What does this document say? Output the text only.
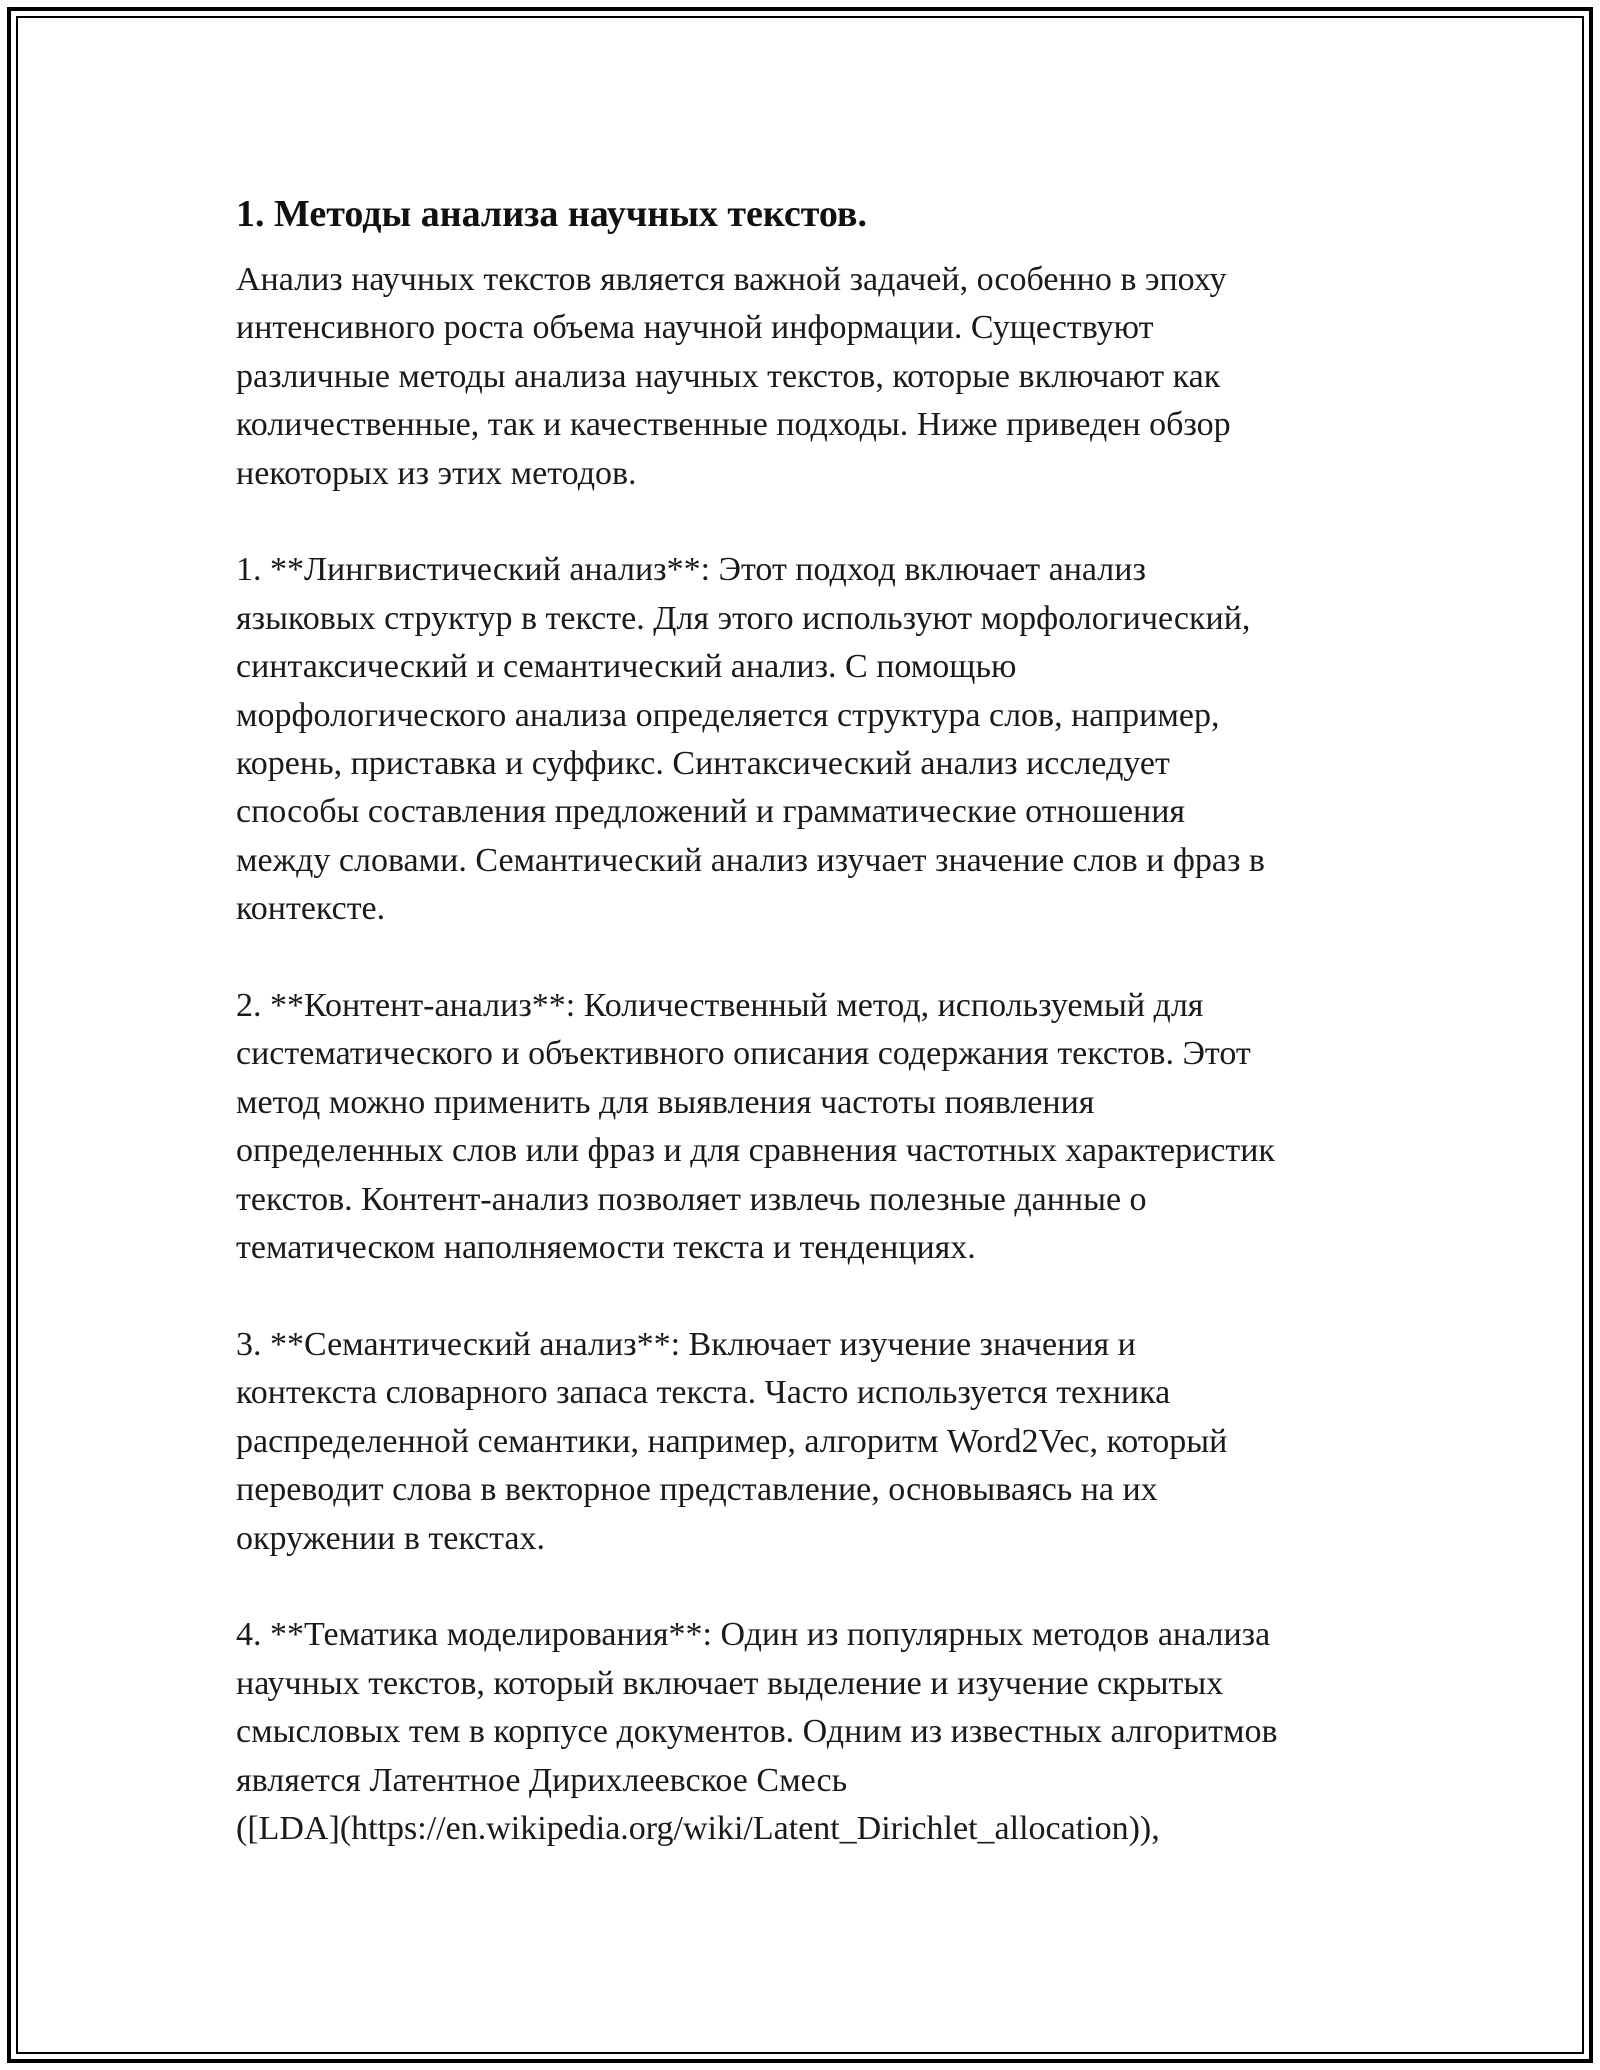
1. Методы анализа научных текстов.

Анализ научных текстов является важной задачей, особенно в эпоху
интенсивного роста объема научной информации. Существуют
различные методы анализа научных текстов, которые включают как
количественные, так и качественные подходы. Ниже приведен обзор
некоторых из этих методов.

1. **Лингвистический анализ**: Этот подход включает анализ
языковых структур в тексте. Для этого используют морфологический,
синтаксический и семантический анализ. С помощью
морфологического анализа определяется структура слов, например,
корень, приставка и суффикс. Синтаксический анализ исследует
способы составления предложений и грамматические отношения
между словами. Семантический анализ изучает значение слов и фраз в
контексте.

2. **Контент-анализ**: Количественный метод, используемый для
систематического и объективного описания содержания текстов. Этот
метод можно применить для выявления частоты появления
определенных слов или фраз и для сравнения частотных характеристик
текстов. Контент-анализ позволяет извлечь полезные данные о
тематическом наполняемости текста и тенденциях.

3. **Семантический анализ**: Включает изучение значения и
контекста словарного запаса текста. Часто используется техника
распределенной семантики, например, алгоритм Word2Vec, который
переводит слова в векторное представление, основываясь на их
окружении в текстах.

4. **Тематика моделирования**: Один из популярных методов анализа
научных текстов, который включает выделение и изучение скрытых
смысловых тем в корпусе документов. Одним из известных алгоритмов
является Латентное Дирихлеевское Смесь
([LDA](https://en.wikipedia.org/wiki/Latent_Dirichlet_allocation)),
